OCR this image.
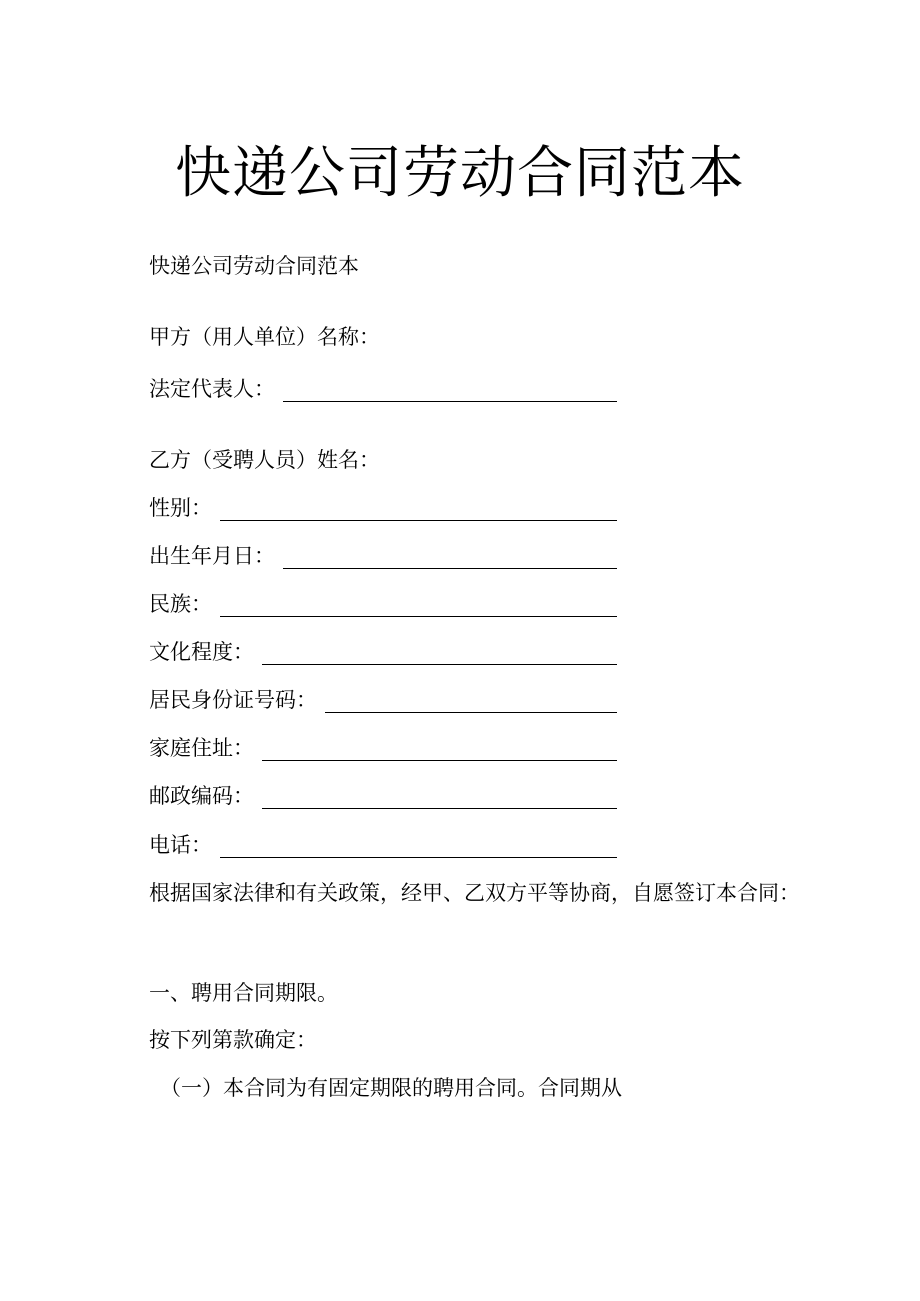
快递公司劳动合同范本
快递公司劳动合同范本
甲方（用人单位）名称：
法定代表人：
乙方（受聘人员）姓名：
性别：
出生年月日：
民族：
文化程度：
居民身份证号码：
家庭住址：
邮政编码：
电话：
根据国家法律和有关政策，经甲、乙双方平等协商，自愿签订本合同：
一、聘用合同期限。
按下列第款确定：
（一）本合同为有固定期限的聘用合同。合同期从
